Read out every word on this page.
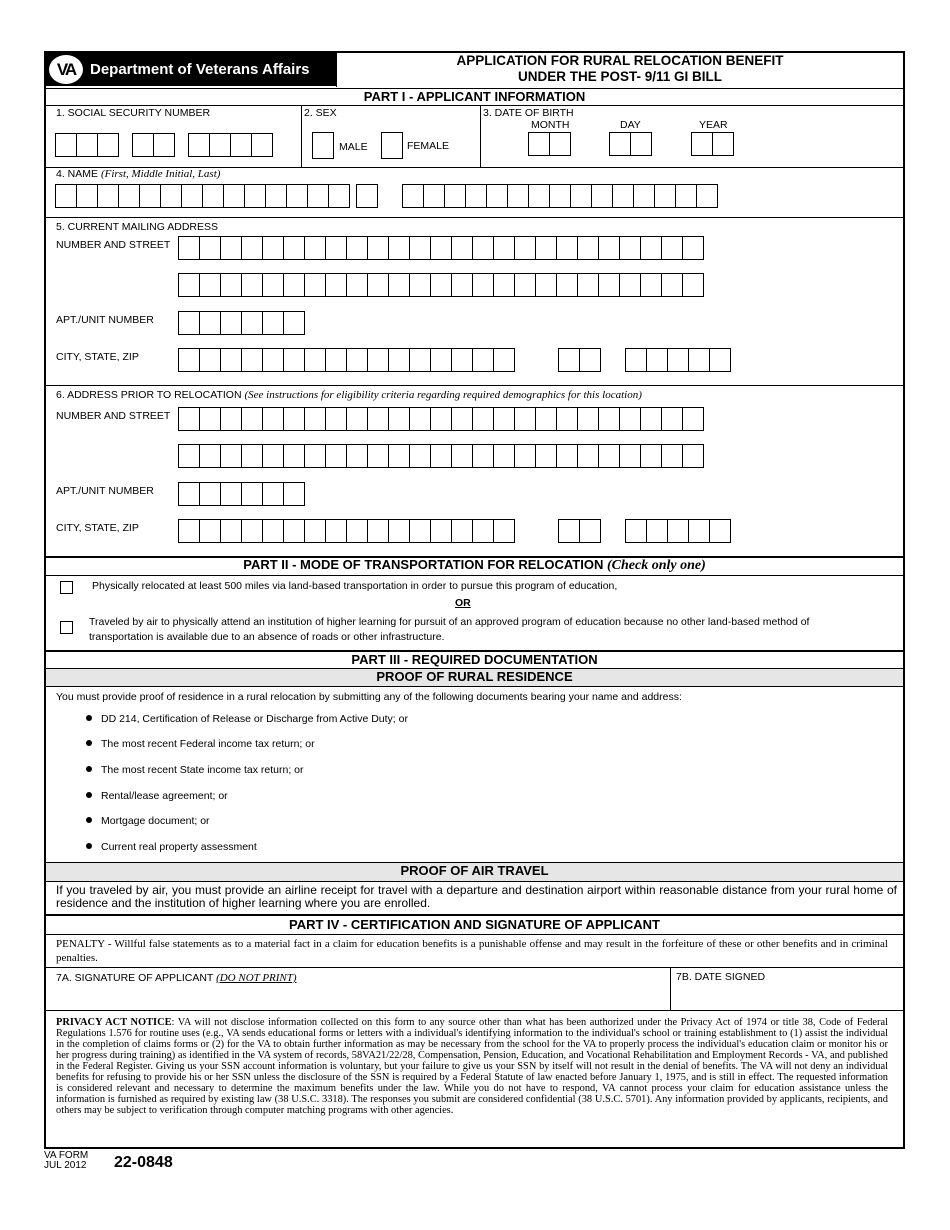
VA Department of Veterans Affairs
APPLICATION FOR RURAL RELOCATION BENEFIT
UNDER THE POST- 9/11 GI BILL
PART I - APPLICANT INFORMATION
1. SOCIAL SECURITY NUMBER	2. SEX
MALE	FEMALE
3. DATE OF BIRTH
MONTH	DAY	YEAR
4. NAME (First, Middle Initial, Last)
5. CURRENT MAILING ADDRESS
NUMBER AND STREET
APT./UNIT NUMBER
CITY, STATE, ZIP
6. ADDRESS PRIOR TO RELOCATION (See instructions for eligibility criteria regarding required demographics for this location)
NUMBER AND STREET
APT./UNIT NUMBER
CITY, STATE, ZIP
PART II - MODE OF TRANSPORTATION FOR RELOCATION (Check only one)
Physically relocated at least 500 miles via land-based transportation in order to pursue this program of education,
OR
Traveled by air to physically attend an institution of higher learning for pursuit of an approved program of education because no other land-based method of
transportation is available due to an absence of roads or other infrastructure.
PART III - REQUIRED DOCUMENTATION
PROOF OF RURAL RESIDENCE
You must provide proof of residence in a rural relocation by submitting any of the following documents bearing your name and address:
DD 214, Certification of Release or Discharge from Active Duty; or
The most recent Federal income tax return; or
The most recent State income tax return; or
Rental/lease agreement; or
Mortgage document; or
Current real property assessment
PROOF OF AIR TRAVEL
If you traveled by air, you must provide an airline receipt for travel with a departure and destination airport within reasonable distance from your rural home of residence and the institution of higher learning where you are enrolled.
PART IV - CERTIFICATION AND SIGNATURE OF APPLICANT
PENALTY - Willful false statements as to a material fact in a claim for education benefits is a punishable offense and may result in the forfeiture of these or other benefits and in criminal penalties.
7A. SIGNATURE OF APPLICANT (DO NOT PRINT)	7B. DATE SIGNED
PRIVACY ACT NOTICE: VA will not disclose information collected on this form to any source other than what has been authorized under the Privacy Act of 1974 or title 38, Code of Federal Regulations 1.576 for routine uses (e.g., VA sends educational forms or letters with a individual's identifying information to the individual's school or training establishment to (1) assist the individual in the completion of claims forms or (2) for the VA to obtain further information as may be necessary from the school for the VA to properly process the individual's education claim or monitor his or her progress during training) as identified in the VA system of records, 58VA21/22/28, Compensation, Pension, Education, and Vocational Rehabilitation and Employment Records - VA, and published in the Federal Register. Giving us your SSN account information is voluntary, but your failure to give us your SSN by itself will not result in the denial of benefits. The VA will not deny an individual benefits for refusing to provide his or her SSN unless the disclosure of the SSN is required by a Federal Statute of law enacted before January 1, 1975, and is still in effect. The requested information is considered relevant and necessary to determine the maximum benefits under the law. While you do not have to respond, VA cannot process your claim for education assistance unless the information is furnished as required by existing law (38 U.S.C. 3318). The responses you submit are considered confidential (38 U.S.C. 5701). Any information provided by applicants, recipients, and others may be subject to verification through computer matching programs with other agencies.
VA FORM
JUL 2012 22-0848
